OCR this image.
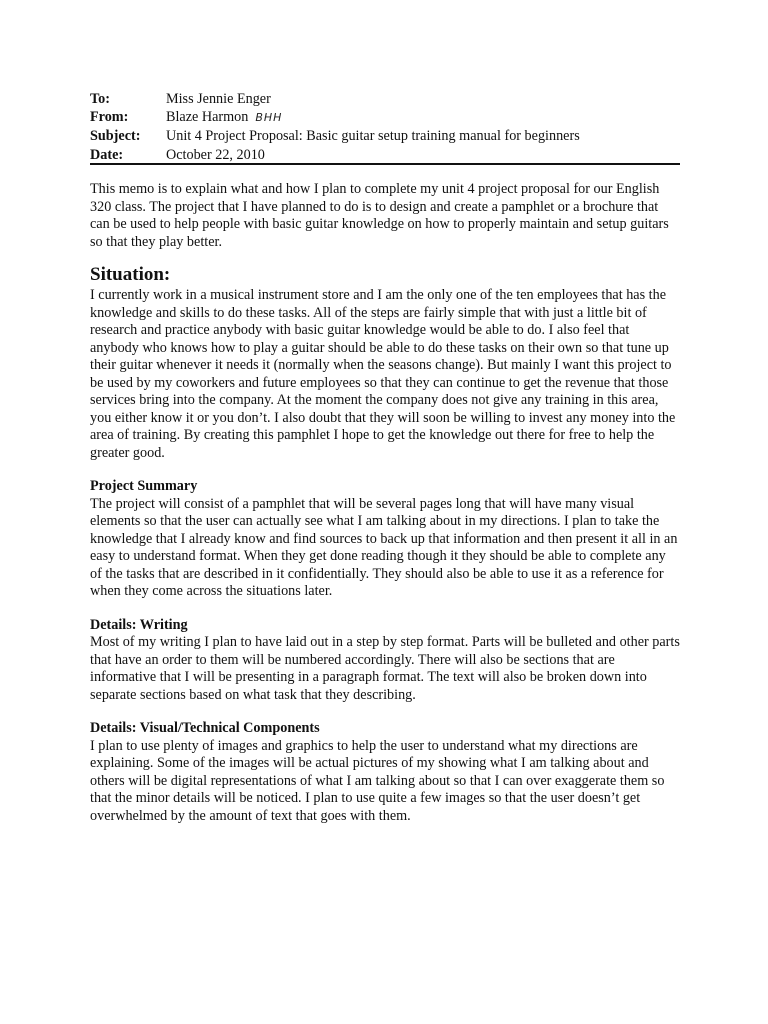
To:	Miss Jennie Enger
From:	Blaze Harmon BHH
Subject:	Unit 4 Project Proposal: Basic guitar setup training manual for beginners
Date:	October 22, 2010

This memo is to explain what and how I plan to complete my unit 4 project proposal for our English 320 class. The project that I have planned to do is to design and create a pamphlet or a brochure that can be used to help people with basic guitar knowledge on how to properly maintain and setup guitars so that they play better.

Situation:

I currently work in a musical instrument store and I am the only one of the ten employees that has the knowledge and skills to do these tasks. All of the steps are fairly simple that with just a little bit of research and practice anybody with basic guitar knowledge would be able to do. I also feel that anybody who knows how to play a guitar should be able to do these tasks on their own so that tune up their guitar whenever it needs it (normally when the seasons change). But mainly I want this project to be used by my coworkers and future employees so that they can continue to get the revenue that those services bring into the company. At the moment the company does not give any training in this area, you either know it or you don’t. I also doubt that they will soon be willing to invest any money into the area of training. By creating this pamphlet I hope to get the knowledge out there for free to help the greater good.

Project Summary

The project will consist of a pamphlet that will be several pages long that will have many visual elements so that the user can actually see what I am talking about in my directions. I plan to take the knowledge that I already know and find sources to back up that information and then present it all in an easy to understand format. When they get done reading though it they should be able to complete any of the tasks that are described in it confidentially. They should also be able to use it as a reference for when they come across the situations later.

Details: Writing

Most of my writing I plan to have laid out in a step by step format. Parts will be bulleted and other parts that have an order to them will be numbered accordingly. There will also be sections that are informative that I will be presenting in a paragraph format. The text will also be broken down into separate sections based on what task that they describing.

Details: Visual/Technical Components

I plan to use plenty of images and graphics to help the user to understand what my directions are explaining. Some of the images will be actual pictures of my showing what I am talking about and others will be digital representations of what I am talking about so that I can over exaggerate them so that the minor details will be noticed. I plan to use quite a few images so that the user doesn’t get overwhelmed by the amount of text that goes with them.
